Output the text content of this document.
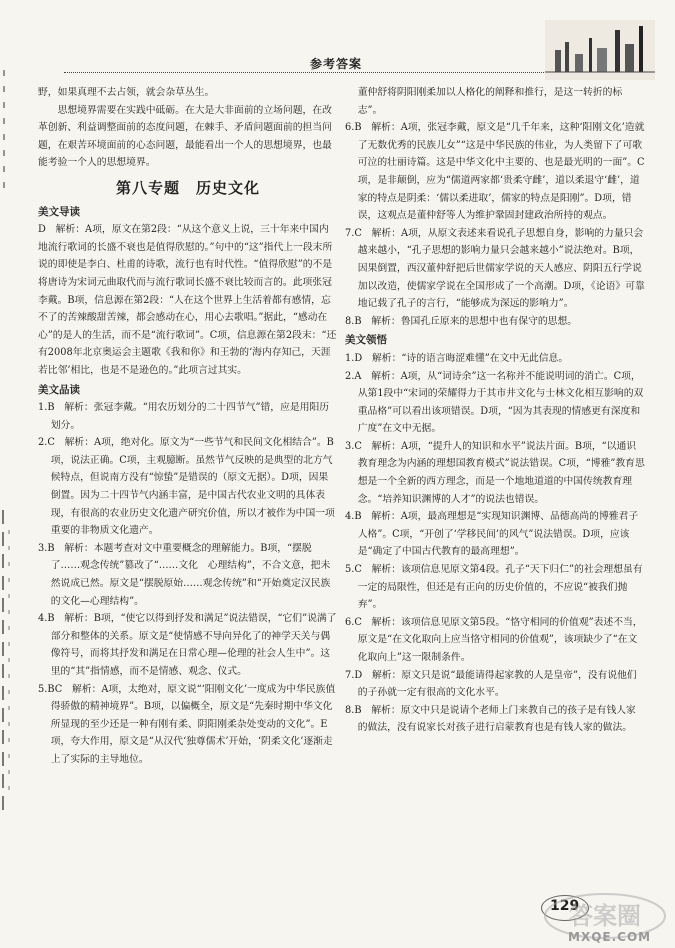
参考答案

野，如果真理不去占领，就会杂草丛生。

思想境界需要在实践中砥砺。在大是大非面前的立场问题，在改革创新、利益调整面前的态度问题，在棘手、矛盾问题面前的担当问题，在艰苦环境面前的心态问题，最能看出一个人的思想境界，也最能考验一个人的思想境界。

第八专题　历史文化
美文导读

D　解析：A项，原文在第2段：“从这个意义上说，三十年来中国内地流行歌词的长盛不衰也是值得欣慰的。”句中的“这”指代上一段末所说的即使是李白、杜甫的诗歌，流行也有时代性。“值得欣慰”的不是将唐诗为宋词元曲取代而与流行歌词长盛不衰比较而言的。此项张冠李戴。B项，信息源在第2段：“人在这个世界上生活着都有感情，忘不了的苦辣酸甜苦辣，都会感动在心，用心去歌唱。”据此，“感动在心”的是人的生活，而不是“流行歌词”。C项，信息源在第2段末：“还有2008年北京奥运会主题歌《我和你》和王勃的‘海内存知己，天涯若比邻’相比，也是不是逊色的。”此项言过其实。

美文品读

1.B　解析：张冠李戴。“用农历划分的二十四节气”错，应是用阳历划分。

2.C　解析：A项，绝对化。原文为“一些节气和民间文化相结合”。B项，说法正确。C项，主观臆断。虽然节气反映的是典型的北方气候特点，但说南方没有“惊蛰”是错误的（原文无据）。D项，因果倒置。因为二十四节气内涵丰富，是中国古代农业文明的具体表现，有很高的农业历史文化遗产研究价值，所以才被作为中国一项重要的非物质文化遗产。

3.B　解析：本题考查对文中重要概念的理解能力。B项，“摆脱了……观念传统”篡改了“……文化　心理结构”，不合文意，把未然说成已然。原文是“摆脱原始……观念传统”和“开始奠定汉民族的文化—心理结构”。

4.B　解析：B项，“使它以得到抒发和满足”说法错误，“它们”说满了部分和整体的关系。原文是“使情感不导向异化了的神学天关与偶像符号，而将其抒发和满足在日常心理—伦理的社会人生中”。这里的“其”指情感，而不是情感、观念、仪式。

5.BC　解析：A项，太绝对，原文说“‘阳刚文化’一度成为中华民族值得骄傲的精神境界”。B项，以偏概全，原文是“先秦时期中华文化所显现的至少还是一种有刚有柔、阴阳刚柔杂处变动的文化”。E项，夸大作用，原文是“从汉代‘独尊儒术’开始，‘阴柔文化’逐渐走上了实际的主导地位。

董仲舒将阴阳刚柔加以人格化的阐释和推行，是这一转折的标志”。

6.B　解析：A项，张冠李戴，原文是“几千年来，这种‘阳刚文化’造就了无数优秀的民族儿女”“这是中华民族的伟业，为人类留下了可歌可泣的壮丽诗篇。这是中华文化中主要的、也是最光明的一面”。C项，是非颠倒，应为“儒道两家都‘贵柔守雌’，道以柔退守‘雌’，道家的特点是阴柔：‘儒以柔进取’，儒家的特点是阳刚”。D项，错误，这观点是董仲舒等人为维护鞏固封建政治所持的观点。

7.C　解析：A项，从原文表述来看说孔子思想自身，影响的力量只会越来越小，“孔子思想的影响力量只会越来越小”说法绝对。B项，因果倒置，西汉董仲舒把后世儒家学说的天人感应、阴阳五行学说加以改造，使儒家学说在全国形成了一个高潮。D项，《论语》可靠地记载了孔子的言行，“能够成为深远的影响力”。

8.B　解析：鲁国孔丘原来的思想中也有保守的思想。

美文领悟

1.D　解析：“诗的语言晦涩难懂”在文中无此信息。

2.A　解析：A项，从“词诗余”这一名称并不能说明词的消亡。C项，从第1段中“宋词的荣耀得力于其市井文化与士林文化相互影响的双重品格”可以看出该项错误。D项，“因为其表现的情感更有深度和广度”在文中无据。

3.C　解析：A项，“提升人的知识和水平”说法片面。B项，“以通识教育理念为内涵的理想国教育模式”说法错误。C项，“博雅”教育思想是一个全新的西方理念，而是一个地地道道的中国传统教育理念。“培养知识渊博的人才”的说法也错误。

4.B　解析：A项，最高理想是“实现知识渊博、品德高尚的博雅君子人格”。C项，“开创了‘学移民间’的风气”说法错误。D项，应该是“确定了中国古代教育的最高理想”。

5.C　解析：该项信息见原文第4段。孔子“天下归仁”的社会理想虽有一定的局限性，但还是有正向的历史价值的，不应说“被我们抛弃”。

6.C　解析：该项信息见原文第5段。“恪守相同的价值观”表述不当，原文是“在文化取向上应当恪守相同的价值观”，该项缺少了“在文化取向上”这一限制条件。

7.D　解析：原文只是说“最能请得起家教的人是皇帝”，没有说他们的子孙就一定有很高的文化水平。

8.B　解析：原文中只是说请个老师上门来教自己的孩子是有钱人家的做法，没有说家长对孩子进行启蒙教育也是有钱人家的做法。

129
答案圈
MXQE.COM
